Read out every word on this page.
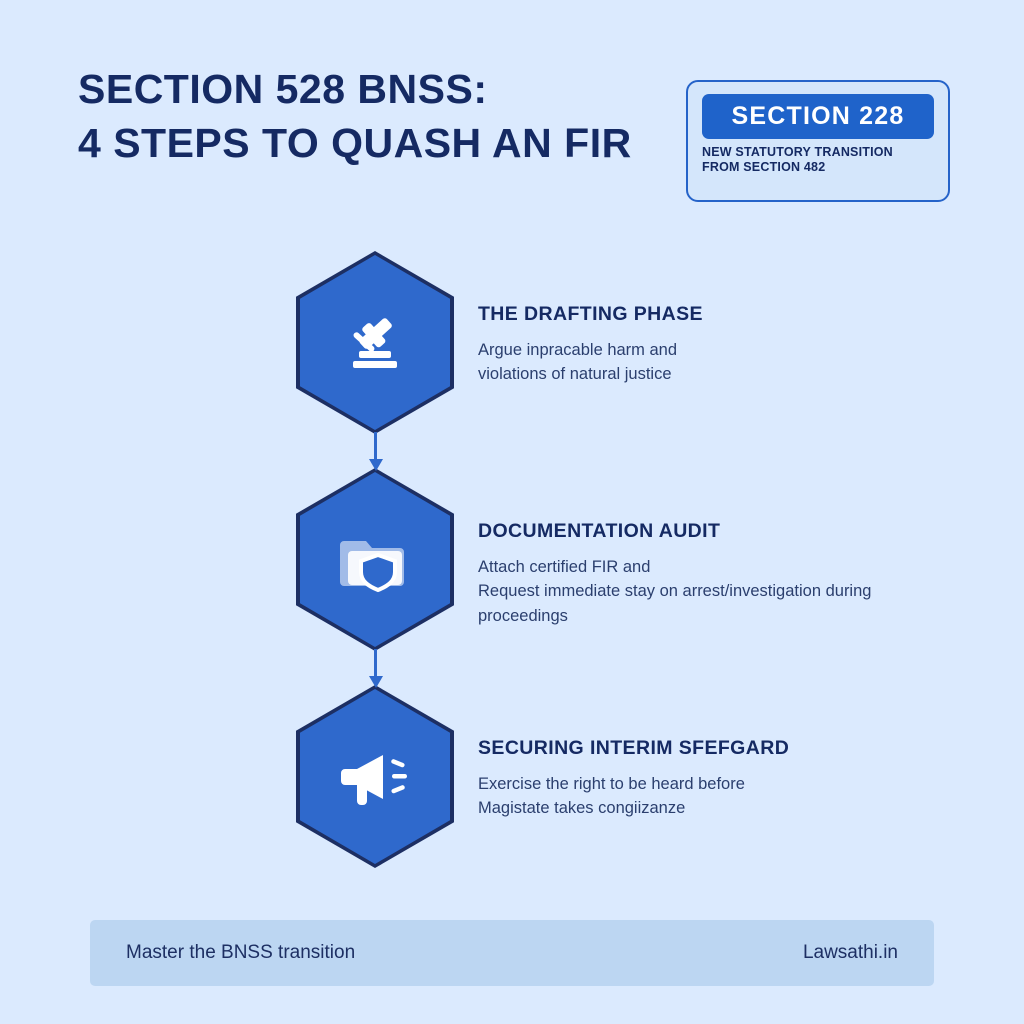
SECTION 528 BNSS:
4 STEPS TO QUASH AN FIR
SECTION 228
NEW STATUTORY TRANSITION
FROM SECTION 482
THE DRAFTING PHASE
Argue inpracable harm and
violations of natural justice
DOCUMENTATION AUDIT
Attach certified FIR and
Request immediate stay on arrest/investigation during
proceedings
SECURING INTERIM SFEFGARD
Exercise the right to be heard before
Magistate takes congiizanze
Master the BNSS transition	Lawsathi.in
